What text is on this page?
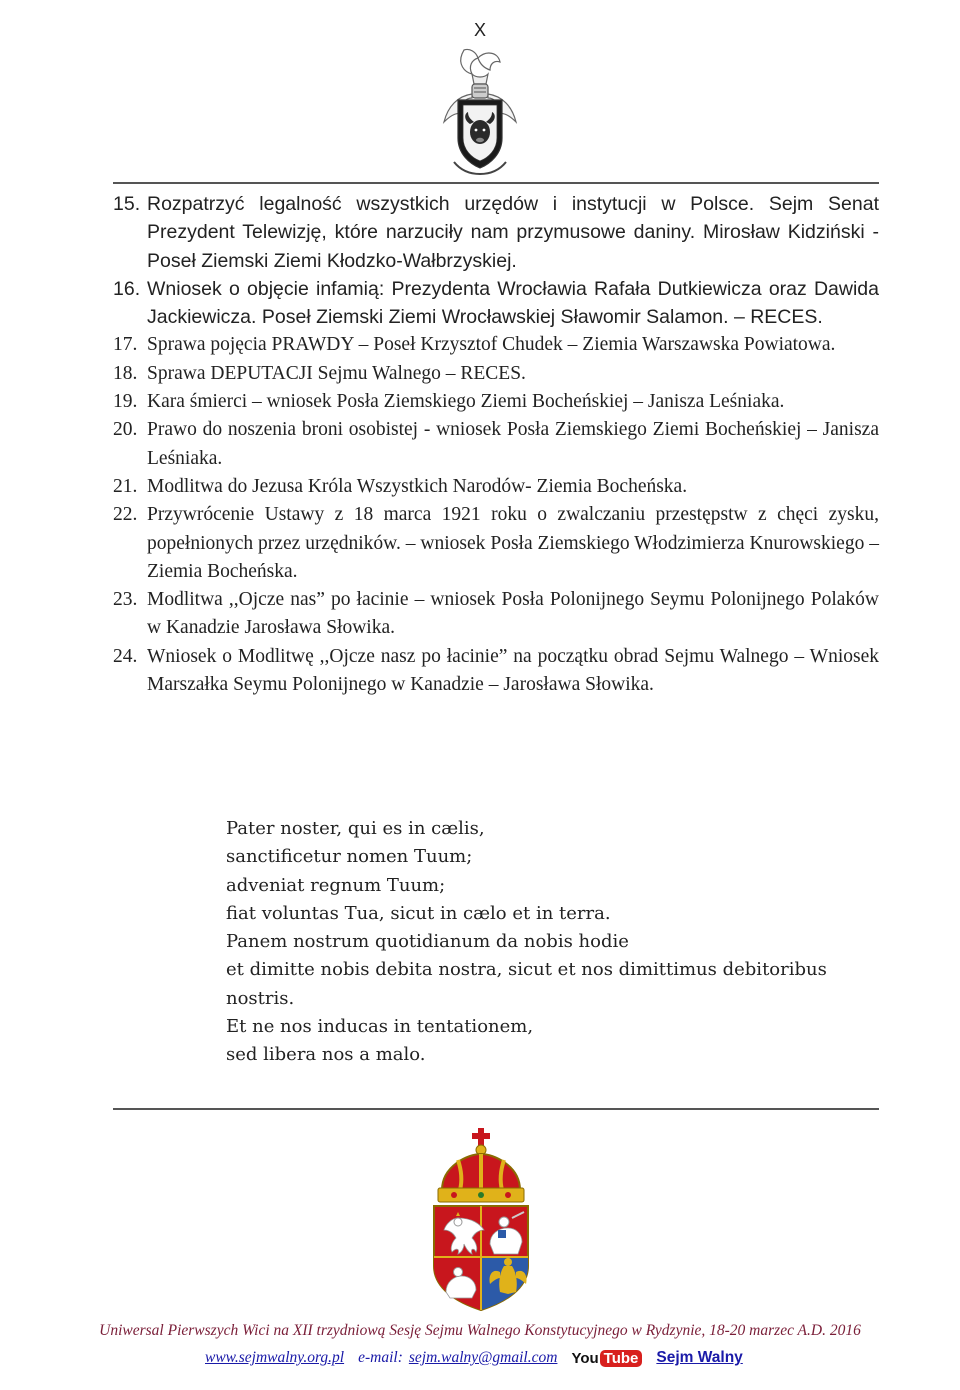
X
15. Rozpatrzyć legalność wszystkich urzędów i instytucji w Polsce. Sejm Senat Prezydent Telewizję, które narzuciły nam przymusowe daniny. Mirosław Kidziński - Poseł Ziemski Ziemi Kłodzko-Wałbrzyskiej.
16. Wniosek o objęcie infamią: Prezydenta Wrocławia Rafała Dutkiewicza oraz Dawida Jackiewicza. Poseł Ziemski Ziemi Wrocławskiej Sławomir Salamon. – RECES.
17. Sprawa pojęcia PRAWDY – Poseł Krzysztof Chudek – Ziemia Warszawska Powiatowa.
18. Sprawa DEPUTACJI Sejmu Walnego – RECES.
19. Kara śmierci – wniosek Posła Ziemskiego Ziemi Bocheńskiej – Janisza Leśniaka.
20. Prawo do noszenia broni osobistej - wniosek Posła Ziemskiego Ziemi Bocheńskiej – Janisza Leśniaka.
21. Modlitwa do Jezusa Króla Wszystkich Narodów- Ziemia Bocheńska.
22. Przywrócenie Ustawy z 18 marca 1921 roku o zwalczaniu przestępstw z chęci zysku, popełnionych przez urzędników. – wniosek Posła Ziemskiego Włodzimierza Knurowskiego – Ziemia Bocheńska.
23. Modlitwa ,,Ojcze nas” po łacinie – wniosek Posła Polonijnego Seymu Polonijnego Polaków w Kanadzie Jarosława Słowika.
24. Wniosek o Modlitwę ,,Ojcze nasz po łacinie” na początku obrad Sejmu Walnego – Wniosek Marszałka Seymu Polonijnego w Kanadzie – Jarosława Słowika.
Pater noster, qui es in cælis,
sanctificetur nomen Tuum;
adveniat regnum Tuum;
fiat voluntas Tua, sicut in cælo et in terra.
Panem nostrum quotidianum da nobis hodie
et dimitte nobis debita nostra, sicut et nos dimittimus debitoribus
nostris.
Et ne nos inducas in tentationem,
sed libera nos a malo.
Uniwersal Pierwszych Wici na XII trzydniową Sesję Sejmu Walnego Konstytucyjnego w Rydzynie, 18-20 marzec A.D. 2016
www.sejmwalny.org.pl e-mail: sejm.walny@gmail.com You Tube Sejm Walny
